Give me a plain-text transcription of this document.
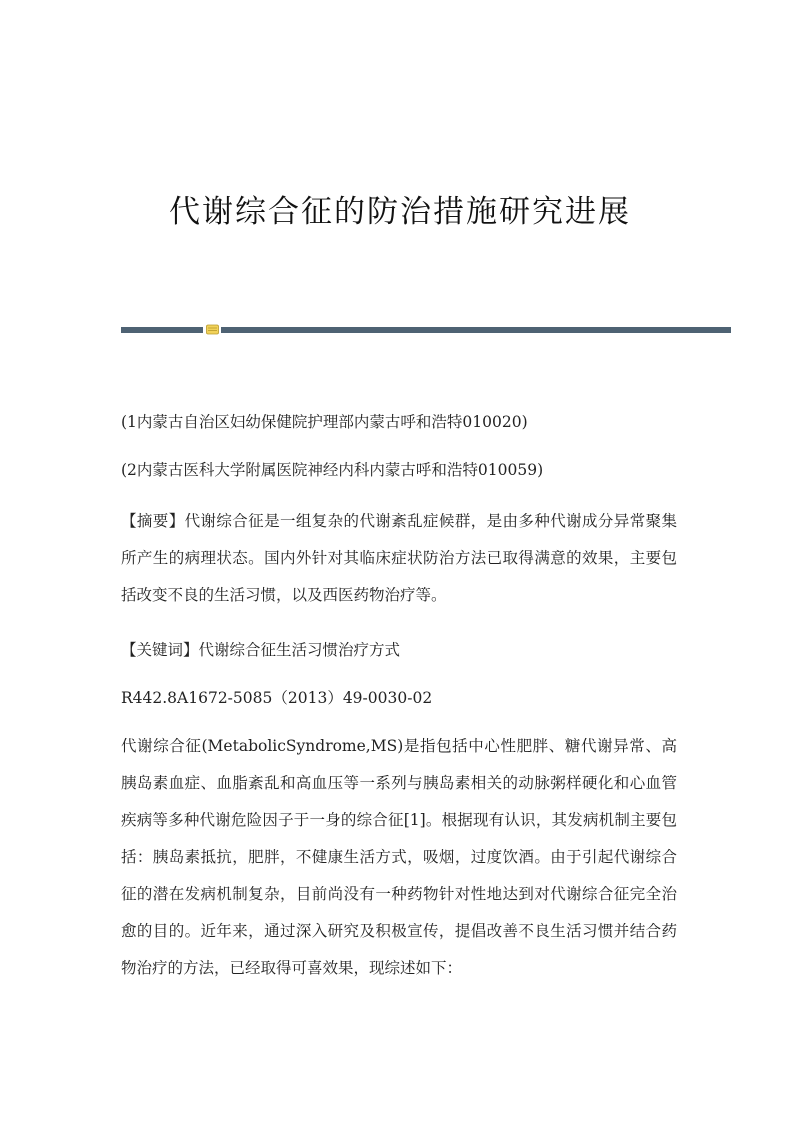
代谢综合征的防治措施研究进展

(1内蒙古自治区妇幼保健院护理部内蒙古呼和浩特010020)

(2内蒙古医科大学附属医院神经内科内蒙古呼和浩特010059)

【摘要】代谢综合征是一组复杂的代谢紊乱症候群，是由多种代谢成分异常聚集所产生的病理状态。国内外针对其临床症状防治方法已取得满意的效果，主要包括改变不良的生活习惯，以及西医药物治疗等。

【关键词】代谢综合征生活习惯治疗方式

R442.8A1672-5085（2013）49-0030-02

代谢综合征(MetabolicSyndrome,MS)是指包括中心性肥胖、糖代谢异常、高胰岛素血症、血脂紊乱和高血压等一系列与胰岛素相关的动脉粥样硬化和心血管疾病等多种代谢危险因子于一身的综合征[1]。根据现有认识，其发病机制主要包括：胰岛素抵抗，肥胖，不健康生活方式，吸烟，过度饮酒。由于引起代谢综合征的潜在发病机制复杂，目前尚没有一种药物针对性地达到对代谢综合征完全治愈的目的。近年来，通过深入研究及积极宣传，提倡改善不良生活习惯并结合药物治疗的方法，已经取得可喜效果，现综述如下：
